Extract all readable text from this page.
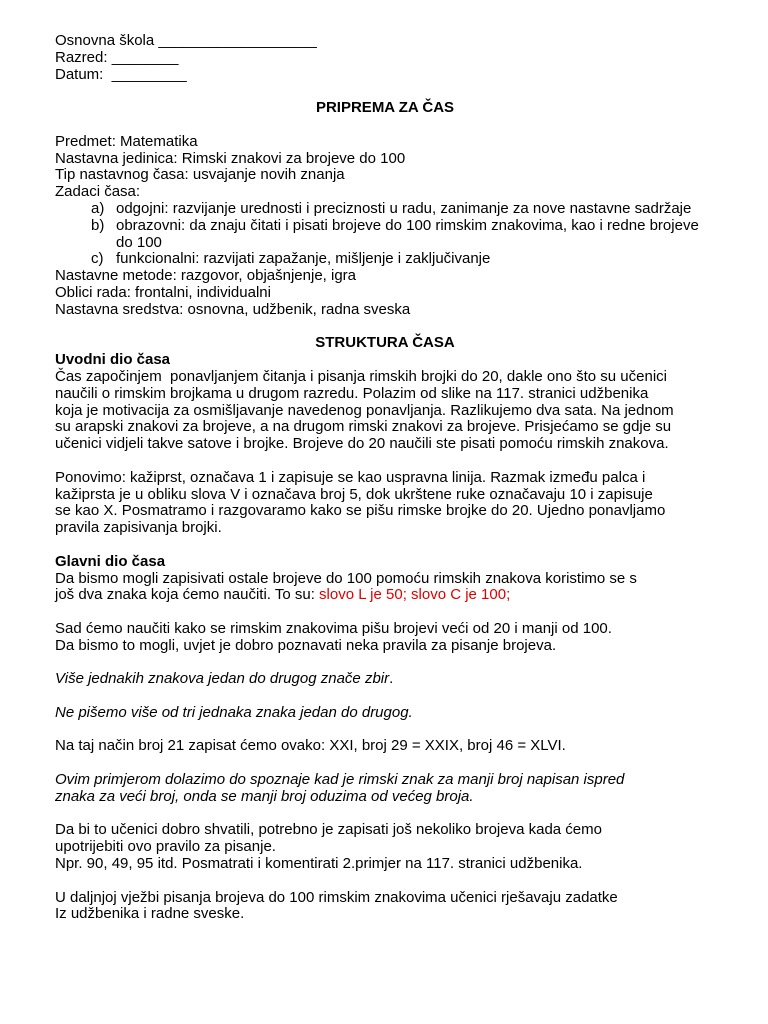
Osnovna škola ___________________
Razred: ________
Datum:  _________
PRIPREMA ZA ČAS
Predmet: Matematika
Nastavna jedinica: Rimski znakovi za brojeve do 100
Tip nastavnog časa: usvajanje novih znanja
Zadaci časa:
a) odgojni: razvijanje urednosti i preciznosti u radu, zanimanje za nove nastavne sadržaje
b) obrazovni: da znaju čitati i pisati brojeve do 100 rimskim znakovima, kao i redne brojeve do 100
c) funkcionalni: razvijati zapažanje, mišljenje i zaključivanje
Nastavne metode: razgovor, objašnjenje, igra
Oblici rada: frontalni, individualni
Nastavna sredstva: osnovna, udžbenik, radna sveska
STRUKTURA ČASA
Uvodni dio časa
Čas započinjem  ponavljanjem čitanja i pisanja rimskih brojki do 20, dakle ono što su učenici
naučili o rimskim brojkama u drugom razredu. Polazim od slike na 117. stranici udžbenika
koja je motivacija za osmišljavanje navedenog ponavljanja. Razlikujemo dva sata. Na jednom
su arapski znakovi za brojeve, a na drugom rimski znakovi za brojeve. Prisjećamo se gdje su
učenici vidjeli takve satove i brojke. Brojeve do 20 naučili ste pisati pomoću rimskih znakova.
Ponovimo: kažiprst, označava 1 i zapisuje se kao uspravna linija. Razmak između palca i
kažiprsta je u obliku slova V i označava broj 5, dok ukrštene ruke označavaju 10 i zapisuje
se kao X. Posmatramo i razgovaramo kako se pišu rimske brojke do 20. Ujedno ponavljamo
pravila zapisivanja brojki.
Glavni dio časa
Da bismo mogli zapisivati ostale brojeve do 100 pomoću rimskih znakova koristimo se s
još dva znaka koja ćemo naučiti. To su: slovo L je 50; slovo C je 100;
Sad ćemo naučiti kako se rimskim znakovima pišu brojevi veći od 20 i manji od 100.
Da bismo to mogli, uvjet je dobro poznavati neka pravila za pisanje brojeva.
Više jednakih znakova jedan do drugog znače zbir.
Ne pišemo više od tri jednaka znaka jedan do drugog.
Na taj način broj 21 zapisat ćemo ovako: XXI, broj 29 = XXIX, broj 46 = XLVI.
Ovim primjerom dolazimo do spoznaje kad je rimski znak za manji broj napisan ispred
znaka za veći broj, onda se manji broj oduzima od većeg broja.
Da bi to učenici dobro shvatili, potrebno je zapisati još nekoliko brojeva kada ćemo
upotrijebiti ovo pravilo za pisanje.
Npr. 90, 49, 95 itd. Posmatrati i komentirati 2.primjer na 117. stranici udžbenika.
U daljnjoj vježbi pisanja brojeva do 100 rimskim znakovima učenici rješavaju zadatke
Iz udžbenika i radne sveske.
